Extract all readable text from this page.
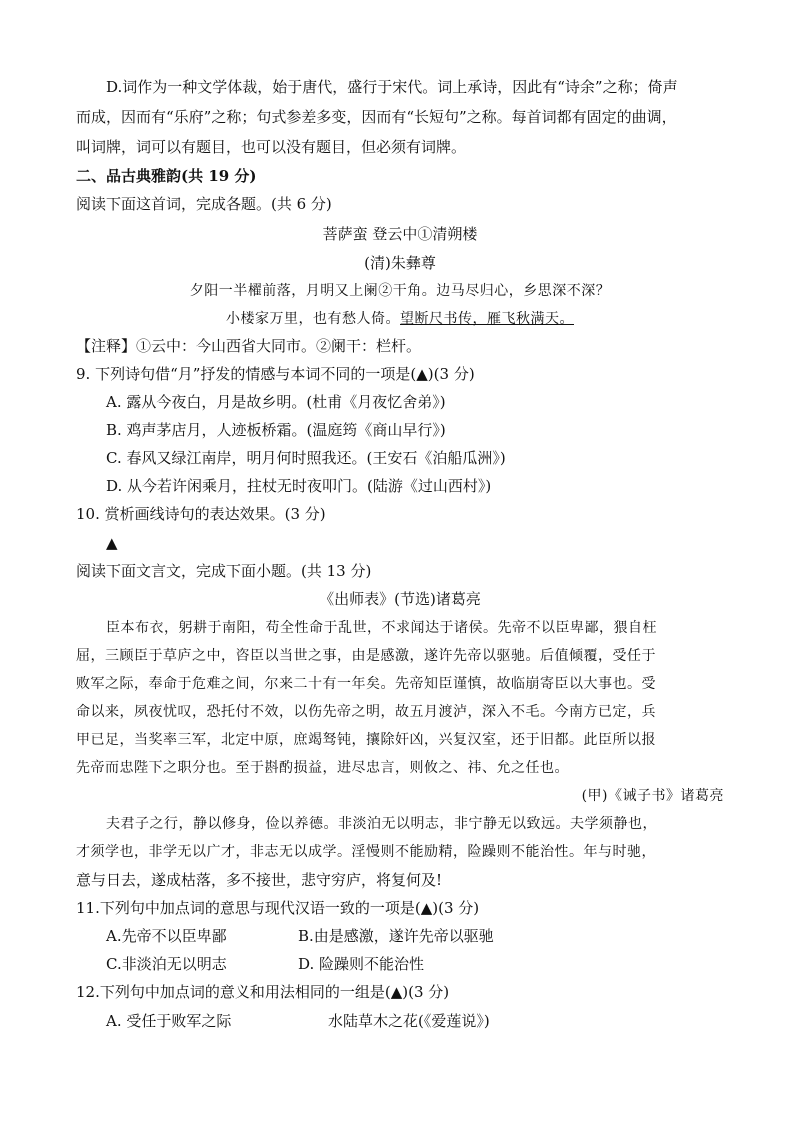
D.词作为一种文学体裁，始于唐代，盛行于宋代。词上承诗，因此有“诗余”之称；倚声
而成，因而有“乐府”之称；句式参差多变，因而有“长短句”之称。每首词都有固定的曲调，
叫词牌，词可以有题目，也可以没有题目，但必须有词牌。
二、品古典雅韵(共 19 分)
阅读下面这首词，完成各题。(共 6 分)
菩萨蛮 登云中①清朔楼
(清)朱彝尊
夕阳一半櫂前落，月明又上阑②干角。边马尽归心，乡思深不深？
小楼家万里，也有愁人倚。望断尺书传，雁飞秋满天。
【注释】①云中：今山西省大同市。②阑干：栏杆。
9. 下列诗句借“月”抒发的情感与本词不同的一项是(▲)(3 分)
A. 露从今夜白，月是故乡明。(杜甫《月夜忆舍弟》)
B. 鸡声茅店月，人迹板桥霜。(温庭筠《商山早行》)
C. 春风又绿江南岸，明月何时照我还。(王安石《泊船瓜洲》)
D. 从今若许闲乘月，拄杖无时夜叩门。(陆游《过山西村》)
10. 赏析画线诗句的表达效果。(3 分)
▲
阅读下面文言文，完成下面小题。(共 13 分)
《出师表》(节选)诸葛亮
臣本布衣，躬耕于南阳，苟全性命于乱世，不求闻达于诸侯。先帝不以臣卑鄙，猥自枉
屈，三顾臣于草庐之中，咨臣以当世之事，由是感激，遂许先帝以驱驰。后值倾覆，受任于
败军之际，奉命于危难之间，尔来二十有一年矣。先帝知臣谨慎，故临崩寄臣以大事也。受
命以来，夙夜忧叹，恐托付不效，以伤先帝之明，故五月渡泸，深入不毛。今南方已定，兵
甲已足，当奖率三军，北定中原，庶竭驽钝，攘除奸凶，兴复汉室，还于旧都。此臣所以报
先帝而忠陛下之职分也。至于斟酌损益，进尽忠言，则攸之、祎、允之任也。
(甲)《诫子书》诸葛亮
夫君子之行，静以修身，俭以养德。非淡泊无以明志，非宁静无以致远。夫学须静也，
才须学也，非学无以广才，非志无以成学。淫慢则不能励精，险躁则不能治性。年与时驰，
意与日去，遂成枯落，多不接世，悲守穷庐，将复何及!
11.下列句中加点词的意思与现代汉语一致的一项是(▲)(3 分)
A.先帝不以臣卑鄙	B.由是感激，遂许先帝以驱驰
C.非淡泊无以明志	D. 险躁则不能治性
12.下列句中加点词的意义和用法相同的一组是(▲)(3 分)
A. 受任于败军之际	水陆草木之花(《爱莲说》)
